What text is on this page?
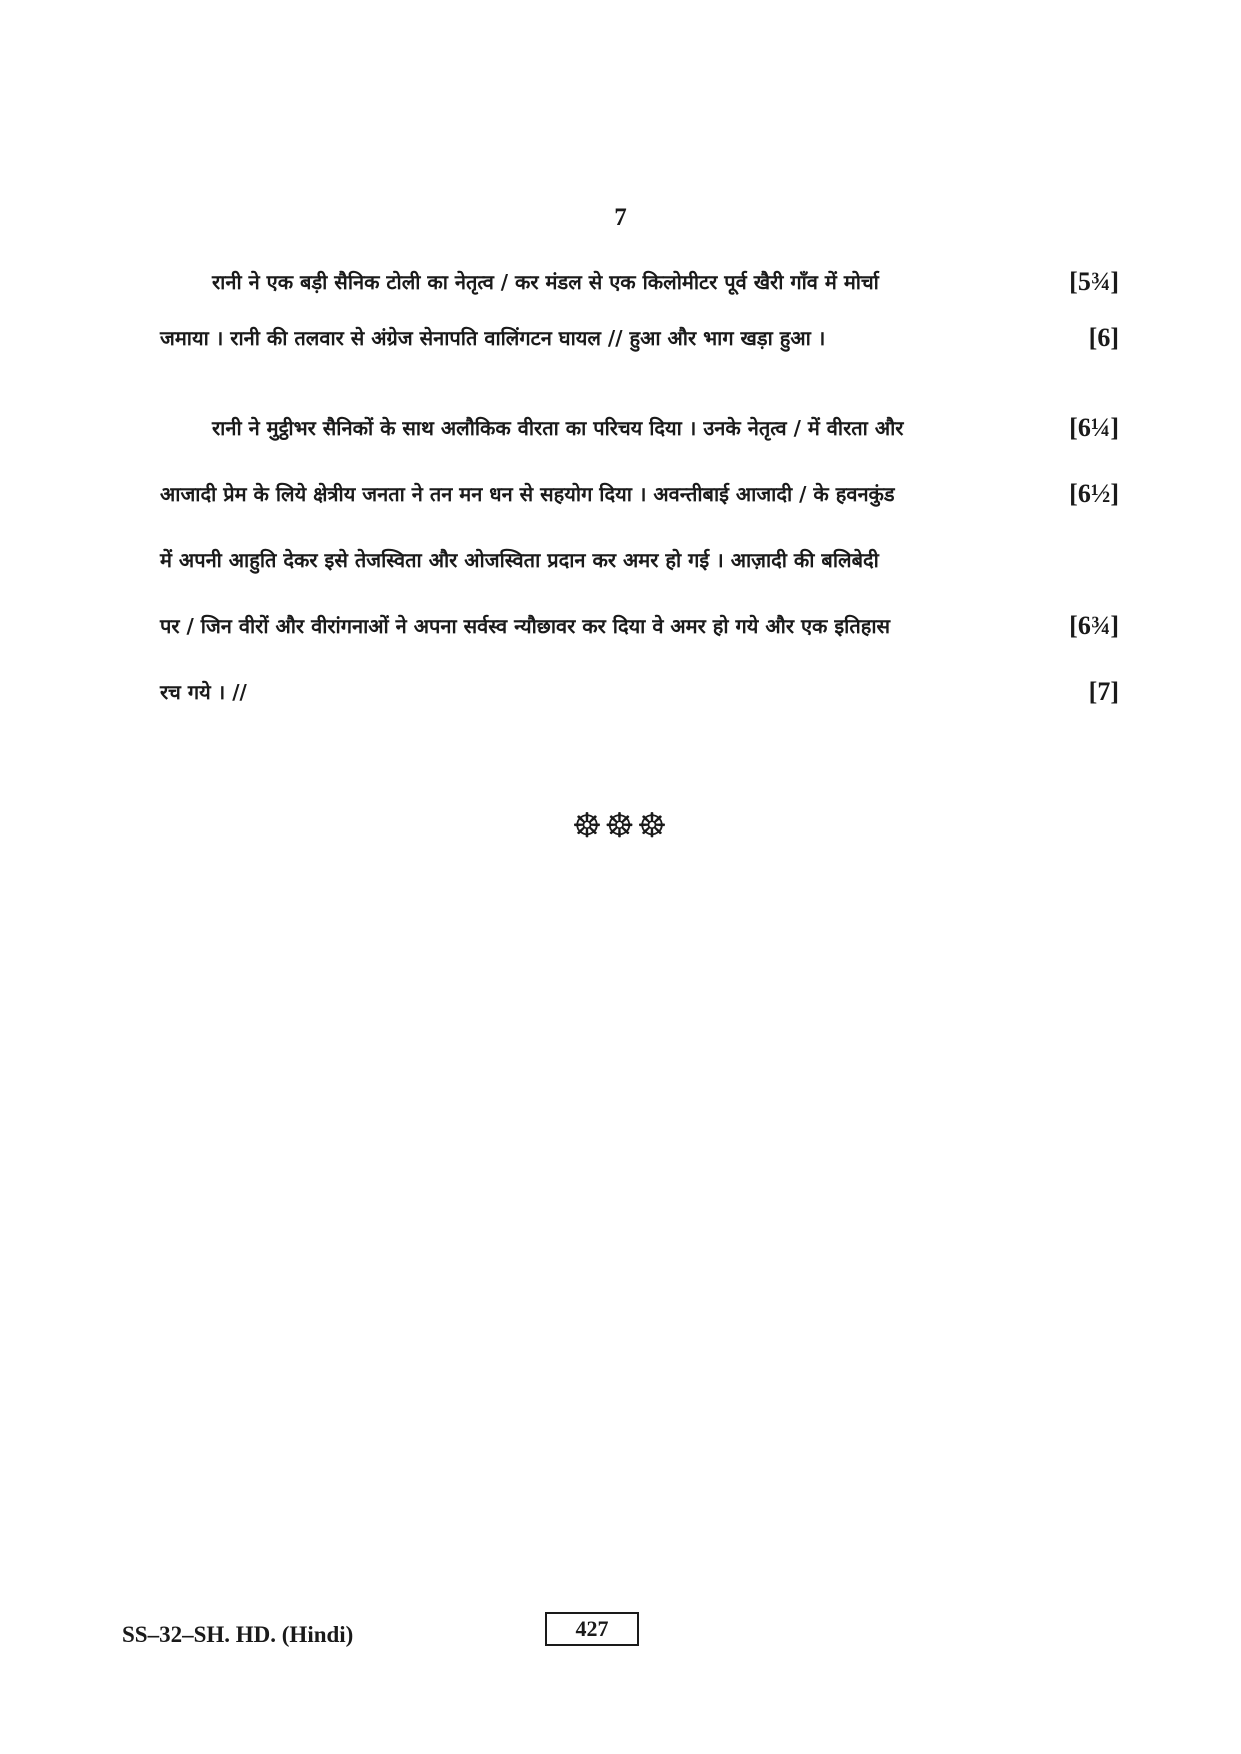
7
रानी ने एक बड़ी सैनिक टोली का नेतृत्व / कर मंडल से एक किलोमीटर पूर्व खैरी गाँव में मोर्चा	[5¾]
जमाया । रानी की तलवार से अंग्रेज सेनापति वालिंगटन घायल // हुआ और भाग खड़ा हुआ ।	[6]
रानी ने मुट्ठीभर सैनिकों के साथ अलौकिक वीरता का परिचय दिया । उनके नेतृत्व / में वीरता और	[6¼]
आजादी प्रेम के लिये क्षेत्रीय जनता ने तन मन धन से सहयोग दिया । अवन्तीबाई आजादी / के हवनकुंड	[6½]
में अपनी आहुति देकर इसे तेजस्विता और ओजस्विता प्रदान कर अमर हो गई । आज़ादी की बलिबेदी
पर / जिन वीरों और वीरांगनाओं ने अपना सर्वस्व न्यौछावर कर दिया वे अमर हो गये और एक इतिहास	[6¾]
रच गये । //	[7]
☸☸☸
SS–32–SH. HD. (Hindi)	427
